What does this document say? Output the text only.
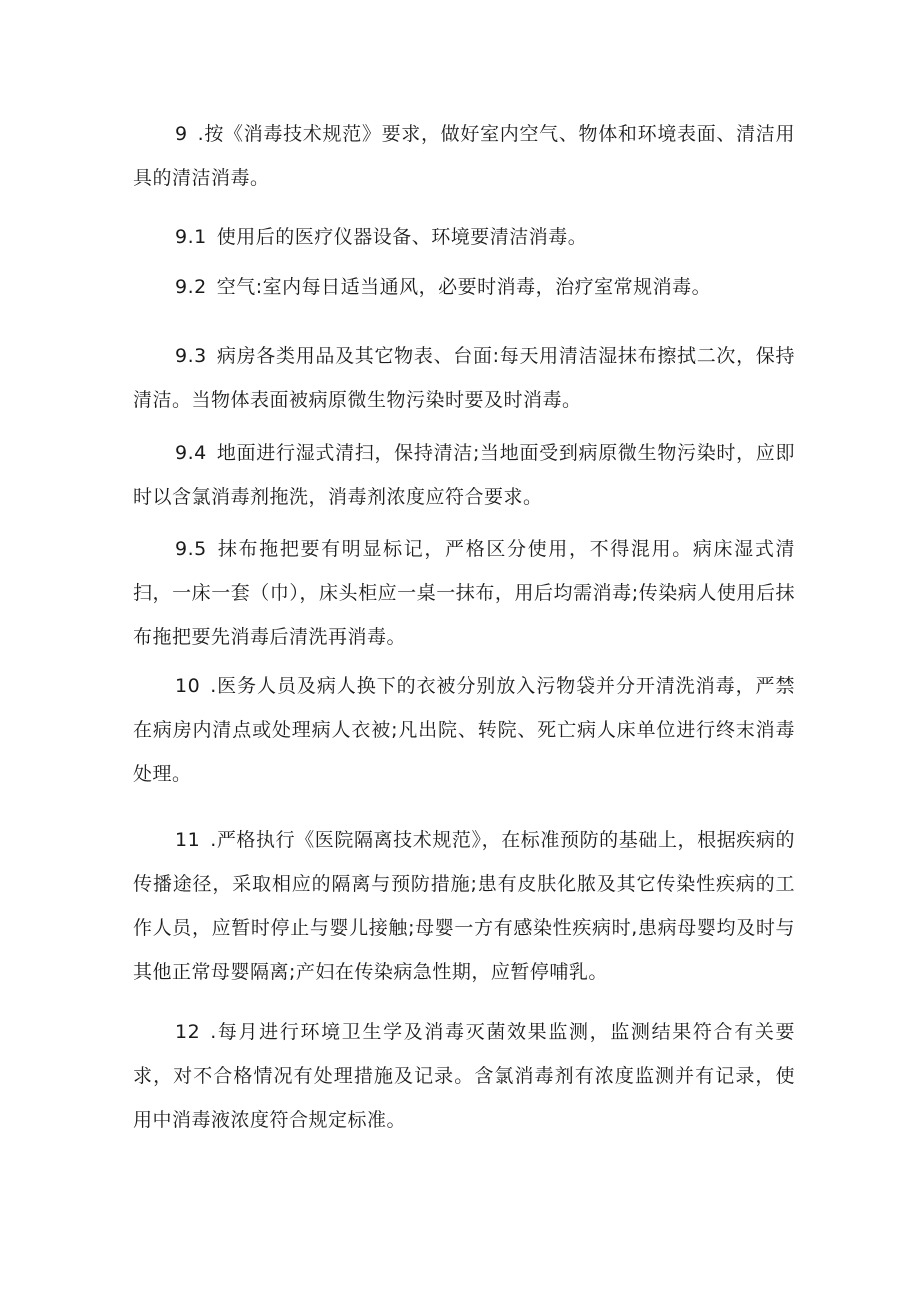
9 .按《消毒技术规范》要求，做好室内空气、物体和环境表面、清洁用具的清洁消毒。

9.1 使用后的医疗仪器设备、环境要清洁消毒。

9.2 空气:室内每日适当通风，必要时消毒，治疗室常规消毒。

9.3 病房各类用品及其它物表、台面:每天用清洁湿抹布擦拭二次，保持清洁。当物体表面被病原微生物污染时要及时消毒。

9.4 地面进行湿式清扫，保持清洁;当地面受到病原微生物污染时，应即时以含氯消毒剂拖洗，消毒剂浓度应符合要求。

9.5 抹布拖把要有明显标记，严格区分使用，不得混用。病床湿式清扫，一床一套（巾），床头柜应一桌一抹布，用后均需消毒;传染病人使用后抹布拖把要先消毒后清洗再消毒。

10 .医务人员及病人换下的衣被分别放入污物袋并分开清洗消毒，严禁在病房内清点或处理病人衣被;凡出院、转院、死亡病人床单位进行终末消毒处理。

11 .严格执行《医院隔离技术规范》，在标准预防的基础上，根据疾病的传播途径，采取相应的隔离与预防措施;患有皮肤化脓及其它传染性疾病的工作人员，应暂时停止与婴儿接触;母婴一方有感染性疾病时,患病母婴均及时与其他正常母婴隔离;产妇在传染病急性期，应暂停哺乳。

12 .每月进行环境卫生学及消毒灭菌效果监测，监测结果符合有关要求，对不合格情况有处理措施及记录。含氯消毒剂有浓度监测并有记录，使用中消毒液浓度符合规定标准。
